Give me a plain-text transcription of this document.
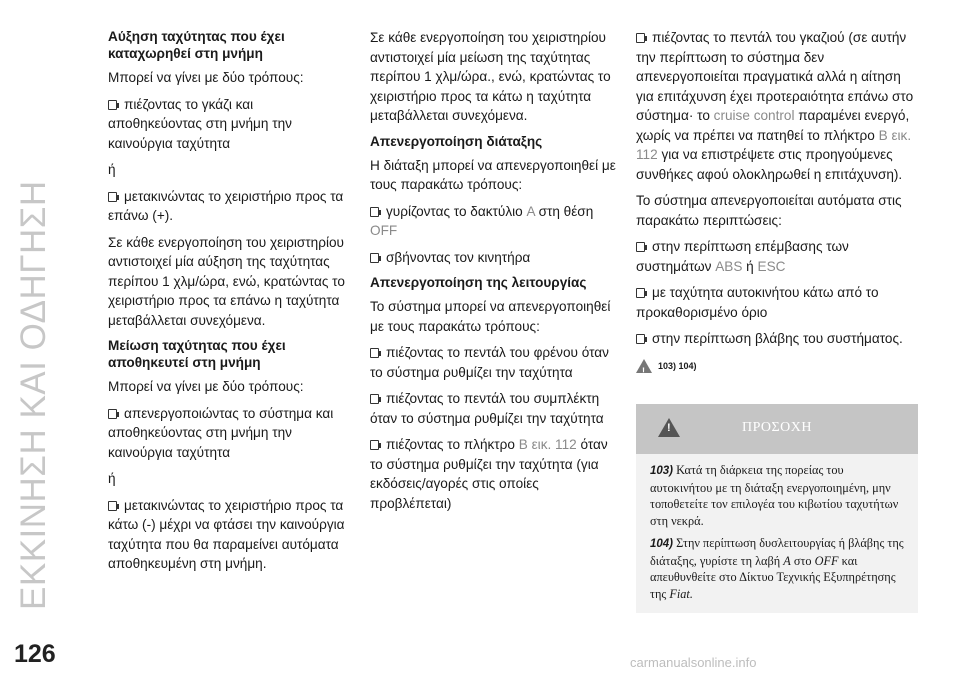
ΕΚΚΙΝΗΣΗ ΚΑΙ ΟΔΗΓΗΣΗ
126
Αύξηση ταχύτητας που έχει καταχωρηθεί στη μνήμη

Μπορεί να γίνει με δύο τρόπους:

πιέζοντας το γκάζι και αποθηκεύοντας στη μνήμη την καινούργια ταχύτητα

ή

μετακινώντας το χειριστήριο προς τα επάνω (+).

Σε κάθε ενεργοποίηση του χειριστηρίου αντιστοιχεί μία αύξηση της ταχύτητας περίπου 1 χλμ/ώρα, ενώ, κρατώντας το χειριστήριο προς τα επάνω η ταχύτητα μεταβάλλεται συνεχόμενα.

Μείωση ταχύτητας που έχει αποθηκευτεί στη μνήμη

Μπορεί να γίνει με δύο τρόπους:

απενεργοποιώντας το σύστημα και αποθηκεύοντας στη μνήμη την καινούργια ταχύτητα

ή

μετακινώντας το χειριστήριο προς τα κάτω (-) μέχρι να φτάσει την καινούργια ταχύτητα που θα παραμείνει αυτόματα αποθηκευμένη στη μνήμη.

Σε κάθε ενεργοποίηση του χειριστηρίου αντιστοιχεί μία μείωση της ταχύτητας περίπου 1 χλμ/ώρα., ενώ, κρατώντας το χειριστήριο προς τα κάτω η ταχύτητα μεταβάλλεται συνεχόμενα.

Απενεργοποίηση διάταξης

Η διάταξη μπορεί να απενεργοποιηθεί με τους παρακάτω τρόπους:

γυρίζοντας το δακτύλιο A στη θέση OFF

σβήνοντας τον κινητήρα

Απενεργοποίηση της λειτουργίας

Το σύστημα μπορεί να απενεργοποιηθεί με τους παρακάτω τρόπους:

πιέζοντας το πεντάλ του φρένου όταν το σύστημα ρυθμίζει την ταχύτητα

πιέζοντας το πεντάλ του συμπλέκτη όταν το σύστημα ρυθμίζει την ταχύτητα

πιέζοντας το πλήκτρο B εικ. 112 όταν το σύστημα ρυθμίζει την ταχύτητα (για εκδόσεις/αγορές στις οποίες προβλέπεται)

πιέζοντας το πεντάλ του γκαζιού (σε αυτήν την περίπτωση το σύστημα δεν απενεργοποιείται πραγματικά αλλά η αίτηση για επιτάχυνση έχει προτεραιότητα επάνω στο σύστημα· το cruise control παραμένει ενεργό, χωρίς να πρέπει να πατηθεί το πλήκτρο B εικ. 112 για να επιστρέψετε στις προηγούμενες συνθήκες αφού ολοκληρωθεί η επιτάχυνση).

Το σύστημα απενεργοποιείται αυτόματα στις παρακάτω περιπτώσεις:

στην περίπτωση επέμβασης των συστημάτων ABS ή ESC

με ταχύτητα αυτοκινήτου κάτω από το προκαθορισμένο όριο

στην περίπτωση βλάβης του συστήματος.

!
103) 104)
!	ΠΡΟΣΟΧΗ

103) Κατά τη διάρκεια της πορείας του αυτοκινήτου με τη διάταξη ενεργοποιημένη, μην τοποθετείτε τον επιλογέα του κιβωτίου ταχυτήτων στη νεκρά.

104) Στην περίπτωση δυσλειτουργίας ή βλάβης της διάταξης, γυρίστε τη λαβή A στο OFF και απευθυνθείτε στο Δίκτυο Τεχνικής Εξυπηρέτησης της Fiat.

carmanualsonline.info
